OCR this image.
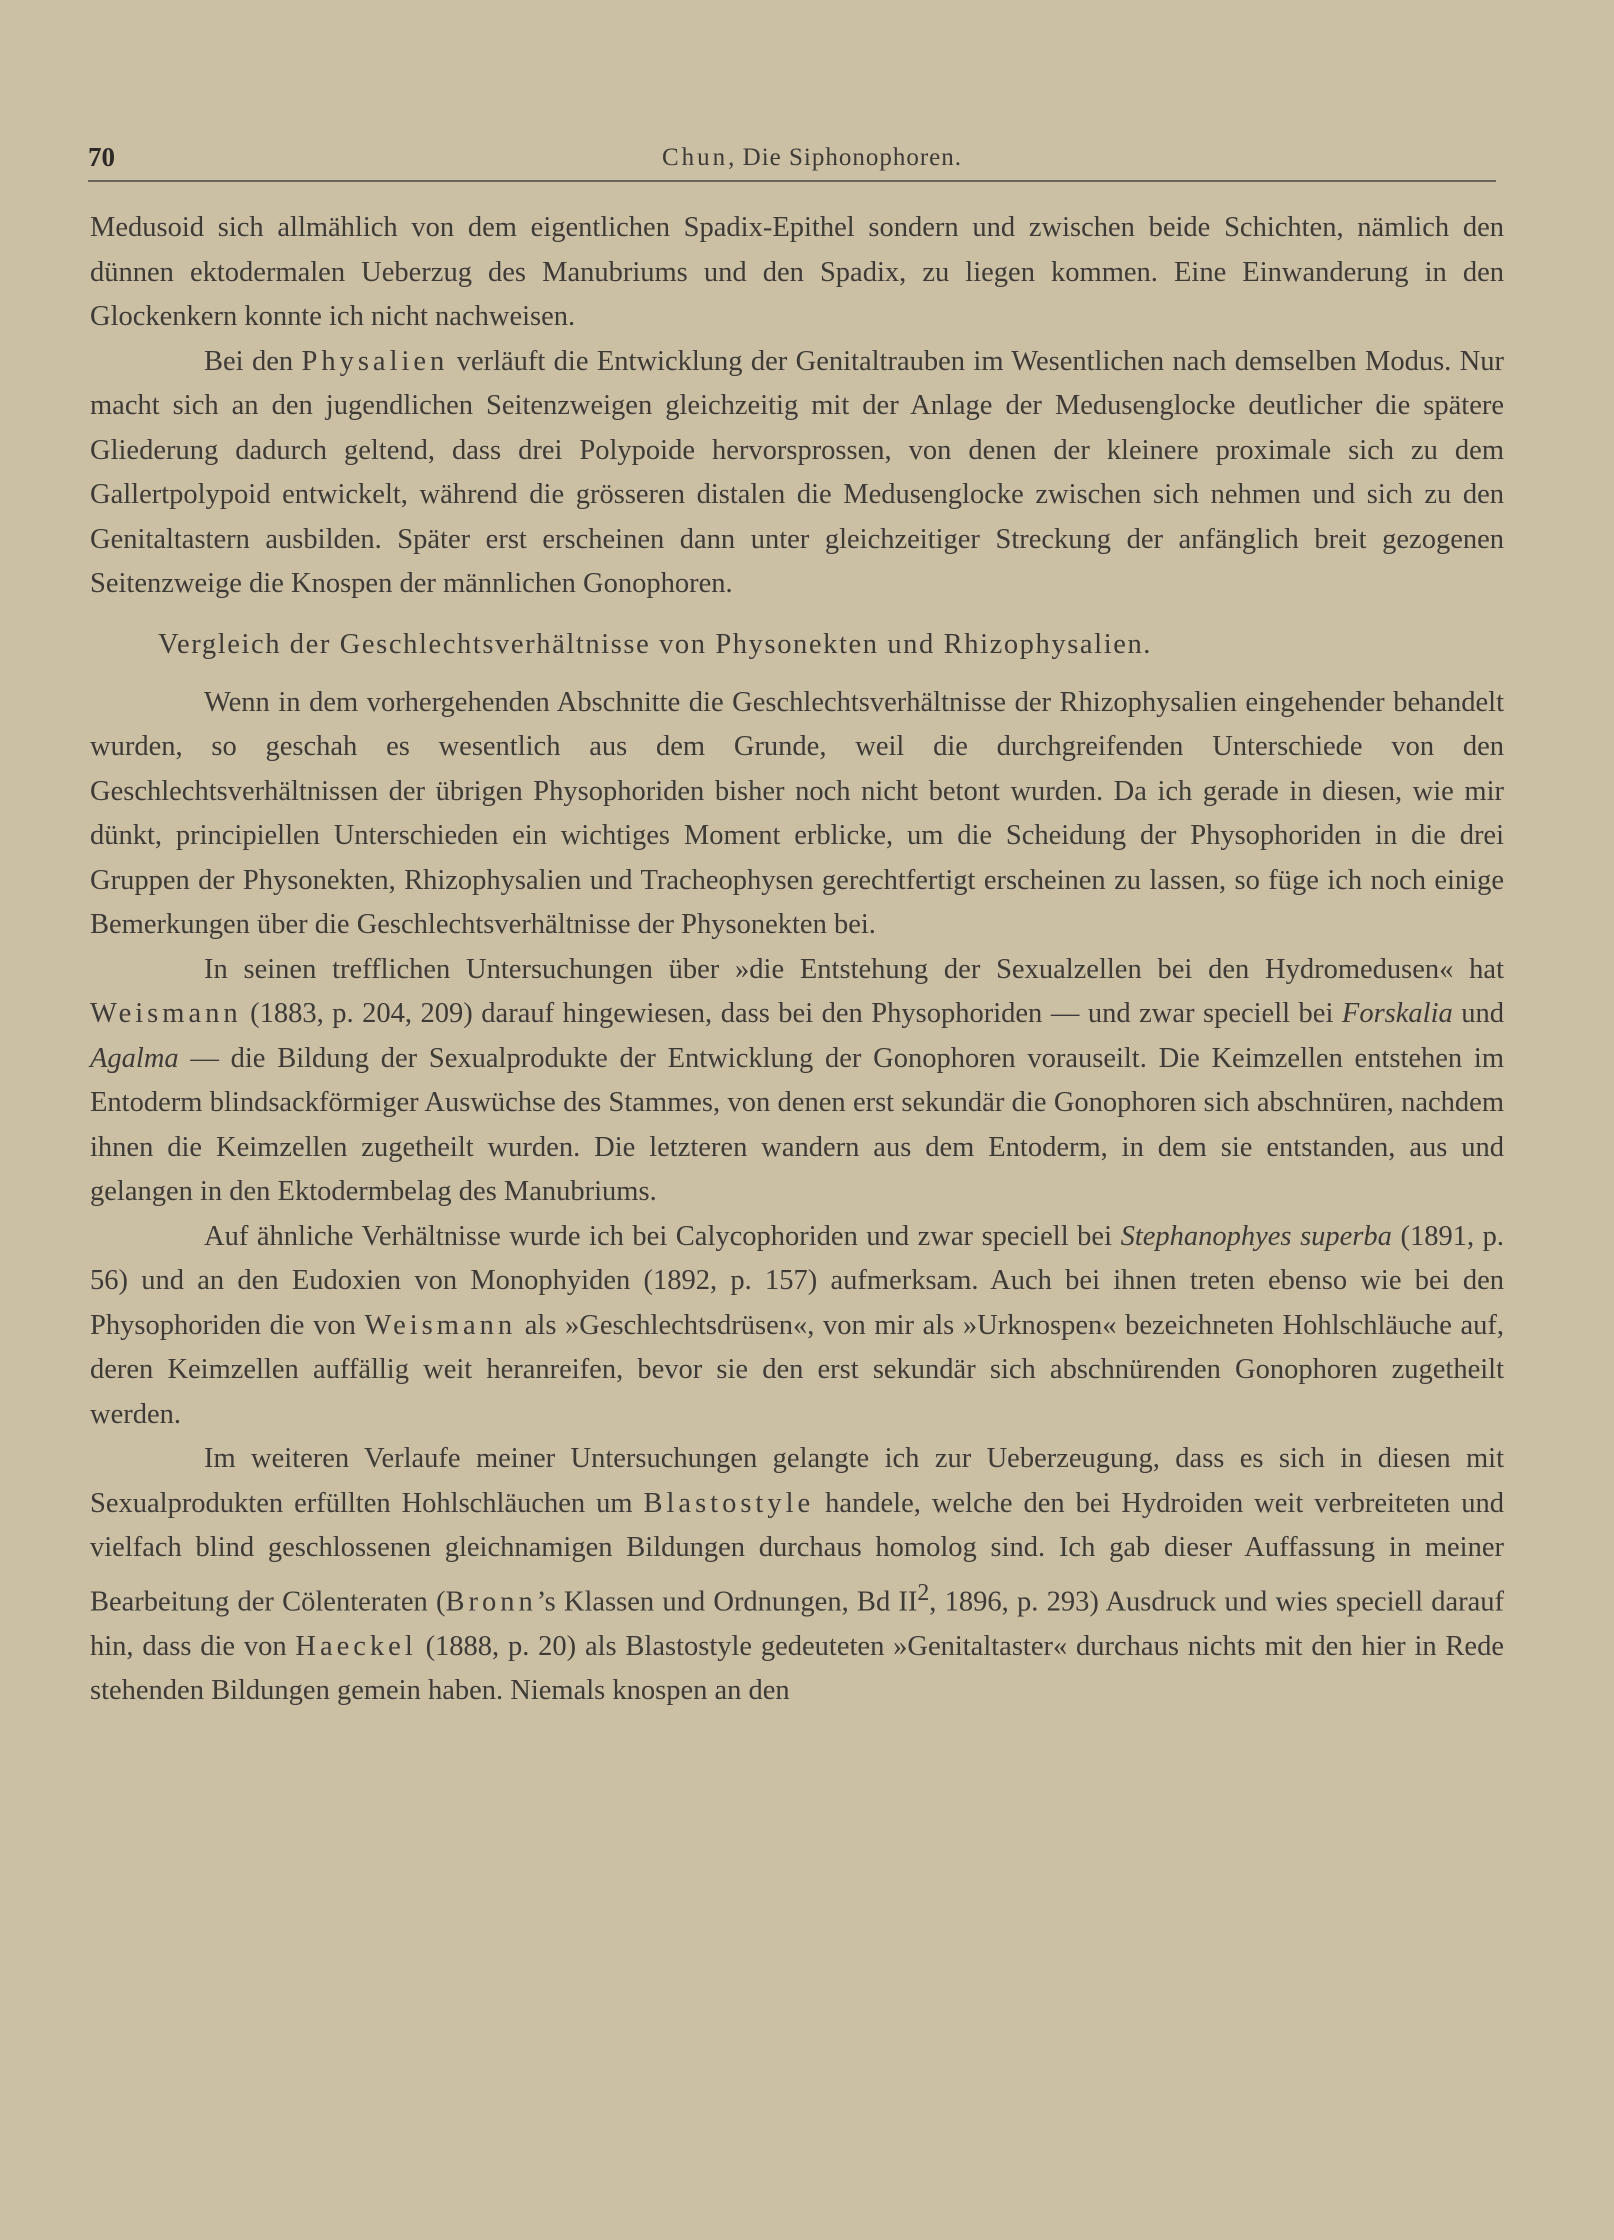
70	Chun, Die Siphonophoren.

Medusoid sich allmählich von dem eigentlichen Spadix-Epithel sondern und zwischen beide Schichten, nämlich den dünnen ektodermalen Ueberzug des Manubriums und den Spadix, zu liegen kommen. Eine Einwanderung in den Glockenkern konnte ich nicht nachweisen.

Bei den Physalien verläuft die Entwicklung der Genitaltrauben im Wesentlichen nach demselben Modus. Nur macht sich an den jugendlichen Seitenzweigen gleichzeitig mit der Anlage der Medusenglocke deutlicher die spätere Gliederung dadurch geltend, dass drei Polypoide hervorsprossen, von denen der kleinere proximale sich zu dem Gallertpolypoid entwickelt, während die grösseren distalen die Medusenglocke zwischen sich nehmen und sich zu den Genitaltastern ausbilden. Später erst erscheinen dann unter gleichzeitiger Streckung der anfänglich breit gezogenen Seitenzweige die Knospen der männlichen Gonophoren.

Vergleich der Geschlechtsverhältnisse von Physonekten und Rhizophysalien.

Wenn in dem vorhergehenden Abschnitte die Geschlechtsverhältnisse der Rhizophysalien eingehender behandelt wurden, so geschah es wesentlich aus dem Grunde, weil die durchgreifenden Unterschiede von den Geschlechtsverhältnissen der übrigen Physophoriden bisher noch nicht betont wurden. Da ich gerade in diesen, wie mir dünkt, principiellen Unterschieden ein wichtiges Moment erblicke, um die Scheidung der Physophoriden in die drei Gruppen der Physonekten, Rhizophysalien und Tracheophysen gerechtfertigt erscheinen zu lassen, so füge ich noch einige Bemerkungen über die Geschlechtsverhältnisse der Physonekten bei.

In seinen trefflichen Untersuchungen über »die Entstehung der Sexualzellen bei den Hydromedusen« hat Weismann (1883, p. 204, 209) darauf hingewiesen, dass bei den Physophoriden — und zwar speciell bei Forskalia und Agalma — die Bildung der Sexualprodukte der Entwicklung der Gonophoren vorauseilt. Die Keimzellen entstehen im Entoderm blindsackförmiger Auswüchse des Stammes, von denen erst sekundär die Gonophoren sich abschnüren, nachdem ihnen die Keimzellen zugetheilt wurden. Die letzteren wandern aus dem Entoderm, in dem sie entstanden, aus und gelangen in den Ektodermbelag des Manubriums.

Auf ähnliche Verhältnisse wurde ich bei Calycophoriden und zwar speciell bei Stephanophyes superba (1891, p. 56) und an den Eudoxien von Monophyiden (1892, p. 157) aufmerksam. Auch bei ihnen treten ebenso wie bei den Physophoriden die von Weismann als »Geschlechtsdrüsen«, von mir als »Urknospen« bezeichneten Hohlschläuche auf, deren Keimzellen auffällig weit heranreifen, bevor sie den erst sekundär sich abschnürenden Gonophoren zugetheilt werden.

Im weiteren Verlaufe meiner Untersuchungen gelangte ich zur Ueberzeugung, dass es sich in diesen mit Sexualprodukten erfüllten Hohlschläuchen um Blastostyle handele, welche den bei Hydroiden weit verbreiteten und vielfach blind geschlossenen gleichnamigen Bildungen durchaus homolog sind. Ich gab dieser Auffassung in meiner Bearbeitung der Cölenteraten (Bronn’s Klassen und Ordnungen, Bd $II^2$, 1896, p. 293) Ausdruck und wies speciell darauf hin, dass die von Haeckel (1888, p. 20) als Blastostyle gedeuteten »Genitaltaster« durchaus nichts mit den hier in Rede stehenden Bildungen gemein haben. Niemals knospen an den
